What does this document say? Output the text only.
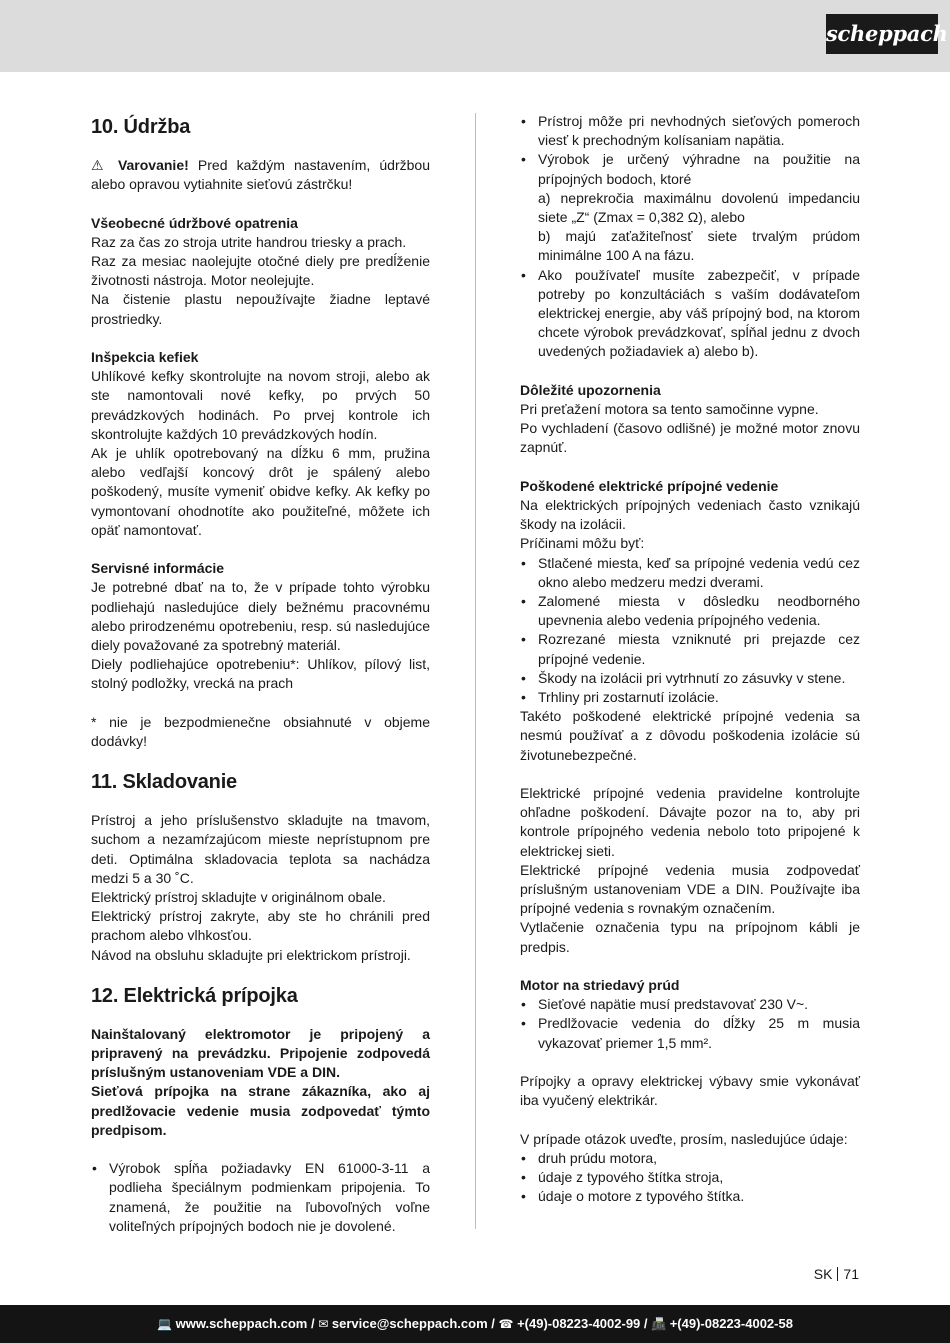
scheppach
10. Údržba

⚠ Varovanie! Pred každým nastavením, údržbou alebo opravou vytiahnite sieťovú zástrčku!

Všeobecné údržbové opatrenia

Raz za čas zo stroja utrite handrou triesky a prach.

Raz za mesiac naolejujte otočné diely pre predĺženie životnosti nástroja. Motor neolejujte.

Na čistenie plastu nepoužívajte žiadne leptavé prostriedky.

Inšpekcia kefiek

Uhlíkové kefky skontrolujte na novom stroji, alebo ak ste namontovali nové kefky, po prvých 50 prevádzkových hodinách. Po prvej kontrole ich skontrolujte každých 10 prevádzkových hodín.

Ak je uhlík opotrebovaný na dĺžku 6 mm, pružina alebo vedľajší koncový drôt je spálený alebo poškodený, musíte vymeniť obidve kefky. Ak kefky po vymontovaní ohodnotíte ako použiteľné, môžete ich opäť namontovať.

Servisné informácie

Je potrebné dbať na to, že v prípade tohto výrobku podliehajú nasledujúce diely bežnému pracovnému alebo prirodzenému opotrebeniu, resp. sú nasledujúce diely považované za spotrebný materiál.

Diely podliehajúce opotrebeniu*: Uhlíkov, pílový list, stolný podložky, vrecká na prach

* nie je bezpodmienečne obsiahnuté v objeme dodávky!

11. Skladovanie

Prístroj a jeho príslušenstvo skladujte na tmavom, suchom a nezamŕzajúcom mieste neprístupnom pre deti. Optimálna skladovacia teplota sa nachádza medzi 5 a 30 ˚C.

Elektrický prístroj skladujte v originálnom obale.

Elektrický prístroj zakryte, aby ste ho chránili pred prachom alebo vlhkosťou.

Návod na obsluhu skladujte pri elektrickom prístroji.

12. Elektrická prípojka

Nainštalovaný elektromotor je pripojený a pripravený na prevádzku. Pripojenie zodpovedá príslušným ustanoveniam VDE a DIN.

Sieťová prípojka na strane zákazníka, ako aj predlžovacie vedenie musia zodpovedať týmto predpisom.

• Výrobok spĺňa požiadavky EN 61000-3-11 a podlieha špeciálnym podmienkam pripojenia. To znamená, že použitie na ľubovoľných voľne voliteľných prípojných bodoch nie je dovolené.
• Prístroj môže pri nevhodných sieťových pomeroch viesť k prechodným kolísaniam napätia.
• Výrobok je určený výhradne na použitie na prípojných bodoch, ktoré
a) neprekročia maximálnu dovolenú impedanciu siete „Z“ (Zmax = 0,382 Ω), alebo
b) majú zaťažiteľnosť siete trvalým prúdom minimálne 100 A na fázu.
• Ako používateľ musíte zabezpečiť, v prípade potreby po konzultáciách s vaším dodávateľom elektrickej energie, aby váš prípojný bod, na ktorom chcete výrobok prevádzkovať, spĺňal jednu z dvoch uvedených požiadaviek a) alebo b).
Dôležité upozornenia

Pri preťažení motora sa tento samočinne vypne.

Po vychladení (časovo odlišné) je možné motor znovu zapnúť.

Poškodené elektrické prípojné vedenie

Na elektrických prípojných vedeniach často vznikajú škody na izolácii.

Príčinami môžu byť:

• Stlačené miesta, keď sa prípojné vedenia vedú cez okno alebo medzeru medzi dverami.
• Zalomené miesta v dôsledku neodborného upevnenia alebo vedenia prípojného vedenia.
• Rozrezané miesta vzniknuté pri prejazde cez prípojné vedenie.
• Škody na izolácii pri vytrhnutí zo zásuvky v stene.
• Trhliny pri zostarnutí izolácie.

Takéto poškodené elektrické prípojné vedenia sa nesmú používať a z dôvodu poškodenia izolácie sú životunebezpečné.

Elektrické prípojné vedenia pravidelne kontrolujte ohľadne poškodení. Dávajte pozor na to, aby pri kontrole prípojného vedenia nebolo toto pripojené k elektrickej sieti.

Elektrické prípojné vedenia musia zodpovedať príslušným ustanoveniam VDE a DIN. Používajte iba prípojné vedenia s rovnakým označením.

Vytlačenie označenia typu na prípojnom kábli je predpis.

Motor na striedavý prúd
• Sieťové napätie musí predstavovať 230 V~.
• Predlžovacie vedenia do dĺžky 25 m musia vykazovať priemer 1,5 mm².

Prípojky a opravy elektrickej výbavy smie vykonávať iba vyučený elektrikár.

V prípade otázok uveďte, prosím, nasledujúce údaje:

• druh prúdu motora,
• údaje z typového štítka stroja,
• údaje o motore z typového štítka.
SK 71
💻 www.scheppach.com / ✉ service@scheppach.com / ☎ +(49)-08223-4002-99 / 📠 +(49)-08223-4002-58
